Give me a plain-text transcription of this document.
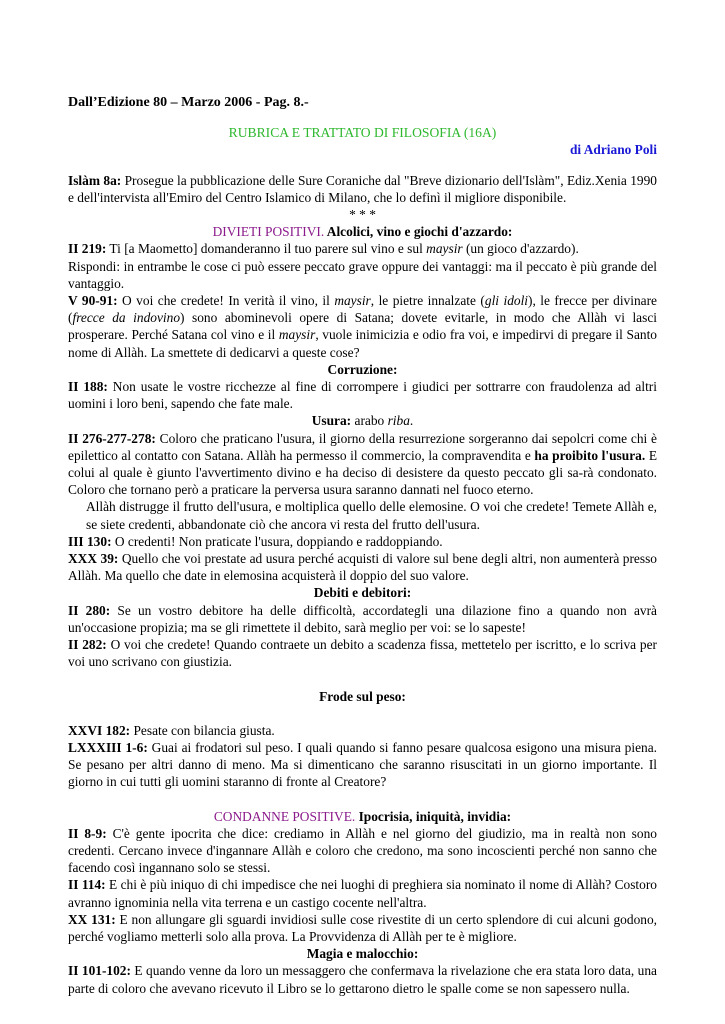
Dall’Edizione 80 – Marzo 2006 - Pag. 8.-

RUBRICA E TRATTATO DI FILOSOFIA (16A)

di Adriano Poli

Islàm 8a: Prosegue la pubblicazione delle Sure Coraniche dal "Breve dizionario dell'Islàm", Ediz.Xenia 1990 e dell'intervista all'Emiro del Centro Islamico di Milano, che lo definì il migliore disponibile.

* * *

DIVIETI POSITIVI. Alcolici, vino e giochi d'azzardo:

II 219: Ti [a Maometto] domanderanno il tuo parere sul vino e sul maysir (un gioco d'azzardo).

Rispondi: in entrambe le cose ci può essere peccato grave oppure dei vantaggi: ma il peccato è più grande del vantaggio.

V 90-91: O voi che credete! In verità il vino, il maysir, le pietre innalzate (gli idoli), le frecce per divinare (frecce da indovino) sono abominevoli opere di Satana; dovete evitarle, in modo che Allàh vi lasci prosperare. Perché Satana col vino e il maysir, vuole inimicizia e odio fra voi, e impedirvi di pregare il Santo nome di Allàh. La smettete di dedicarvi a queste cose?

Corruzione:

II 188: Non usate le vostre ricchezze al fine di corrompere i giudici per sottrarre con fraudolenza ad altri uomini i loro beni, sapendo che fate male.

Usura: arabo riba.

II 276-277-278: Coloro che praticano l'usura, il giorno della resurrezione sorgeranno dai sepolcri come chi è epilettico al contatto con Satana. Allàh ha permesso il commercio, la compravendita e ha proibito l'usura. E colui al quale è giunto l'avvertimento divino e ha deciso di desistere da questo peccato gli sa-rà condonato. Coloro che tornano però a praticare la perversa usura saranno dannati nel fuoco eterno.

Allàh distrugge il frutto dell'usura, e moltiplica quello delle elemosine. O voi che credete! Temete Allàh e, se siete credenti, abbandonate ciò che ancora vi resta del frutto dell'usura.

III 130: O credenti! Non praticate l'usura, doppiando e raddoppiando.

XXX 39: Quello che voi prestate ad usura perché acquisti di valore sul bene degli altri, non aumenterà presso Allàh. Ma quello che date in elemosina acquisterà il doppio del suo valore.

Debiti e debitori:

II 280: Se un vostro debitore ha delle difficoltà, accordategli una dilazione fino a quando non avrà un'occasione propizia; ma se gli rimettete il debito, sarà meglio per voi: se lo sapeste!

II 282: O voi che credete! Quando contraete un debito a scadenza fissa, mettetelo per iscritto, e lo scriva per voi uno scrivano con giustizia.

Frode sul peso:

XXVI 182: Pesate con bilancia giusta.

LXXXIII 1-6: Guai ai frodatori sul peso. I quali quando si fanno pesare qualcosa esigono una misura piena. Se pesano per altri danno di meno. Ma si dimenticano che saranno risuscitati in un giorno importante. Il giorno in cui tutti gli uomini staranno di fronte al Creatore?

CONDANNE POSITIVE. Ipocrisia, iniquità, invidia:

II 8-9: C'è gente ipocrita che dice: crediamo in Allàh e nel giorno del giudizio, ma in realtà non sono credenti. Cercano invece d'ingannare Allàh e coloro che credono, ma sono incoscienti perché non sanno che facendo così ingannano solo se stessi.

II 114: E chi è più iniquo di chi impedisce che nei luoghi di preghiera sia nominato il nome di Allàh? Costoro avranno ignominia nella vita terrena e un castigo cocente nell'altra.

XX 131: E non allungare gli sguardi invidiosi sulle cose rivestite di un certo splendore di cui alcuni godono, perché vogliamo metterli solo alla prova. La Provvidenza di Allàh per te è migliore.

Magia e malocchio:

II 101-102: E quando venne da loro un messaggero che confermava la rivelazione che era stata loro data, una parte di coloro che avevano ricevuto il Libro se lo gettarono dietro le spalle come se non sapessero nulla.
